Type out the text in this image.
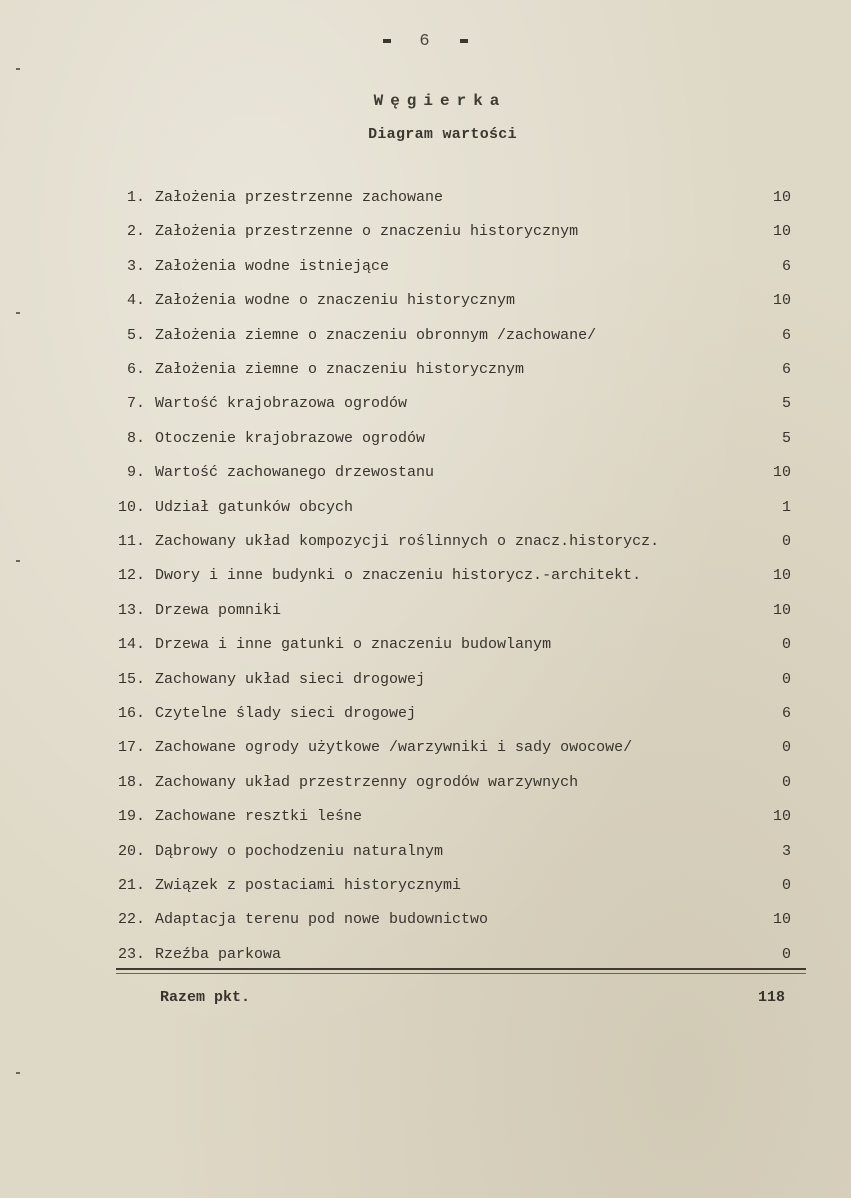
6
Węgierka
Diagram wartości
1. Założenia przestrzenne zachowane	10
2. Założenia przestrzenne o znaczeniu historycznym	10
3. Założenia wodne istniejące	6
4. Założenia wodne o znaczeniu historycznym	10
5. Założenia ziemne o znaczeniu obronnym /zachowane/	6
6. Założenia ziemne o znaczeniu historycznym	6
7. Wartość krajobrazowa ogrodów	5
8. Otoczenie krajobrazowe ogrodów	5
9. Wartość zachowanego drzewostanu	10
10. Udział gatunków obcych	1
11. Zachowany układ kompozycji roślinnych o znacz.historycz.	0
12. Dwory i inne budynki o znaczeniu historycz.-architekt.	10
13. Drzewa pomniki	10
14. Drzewa i inne gatunki o znaczeniu budowlanym	0
15. Zachowany układ sieci drogowej	0
16. Czytelne ślady sieci drogowej	6
17. Zachowane ogrody użytkowe /warzywniki i sady owocowe/	0
18. Zachowany układ przestrzenny ogrodów warzywnych	0
19. Zachowane resztki leśne	10
20. Dąbrowy o pochodzeniu naturalnym	3
21. Związek z postaciami historycznymi	0
22. Adaptacja terenu pod nowe budownictwo	10
23. Rzeźba parkowa	0
Razem pkt.	118
